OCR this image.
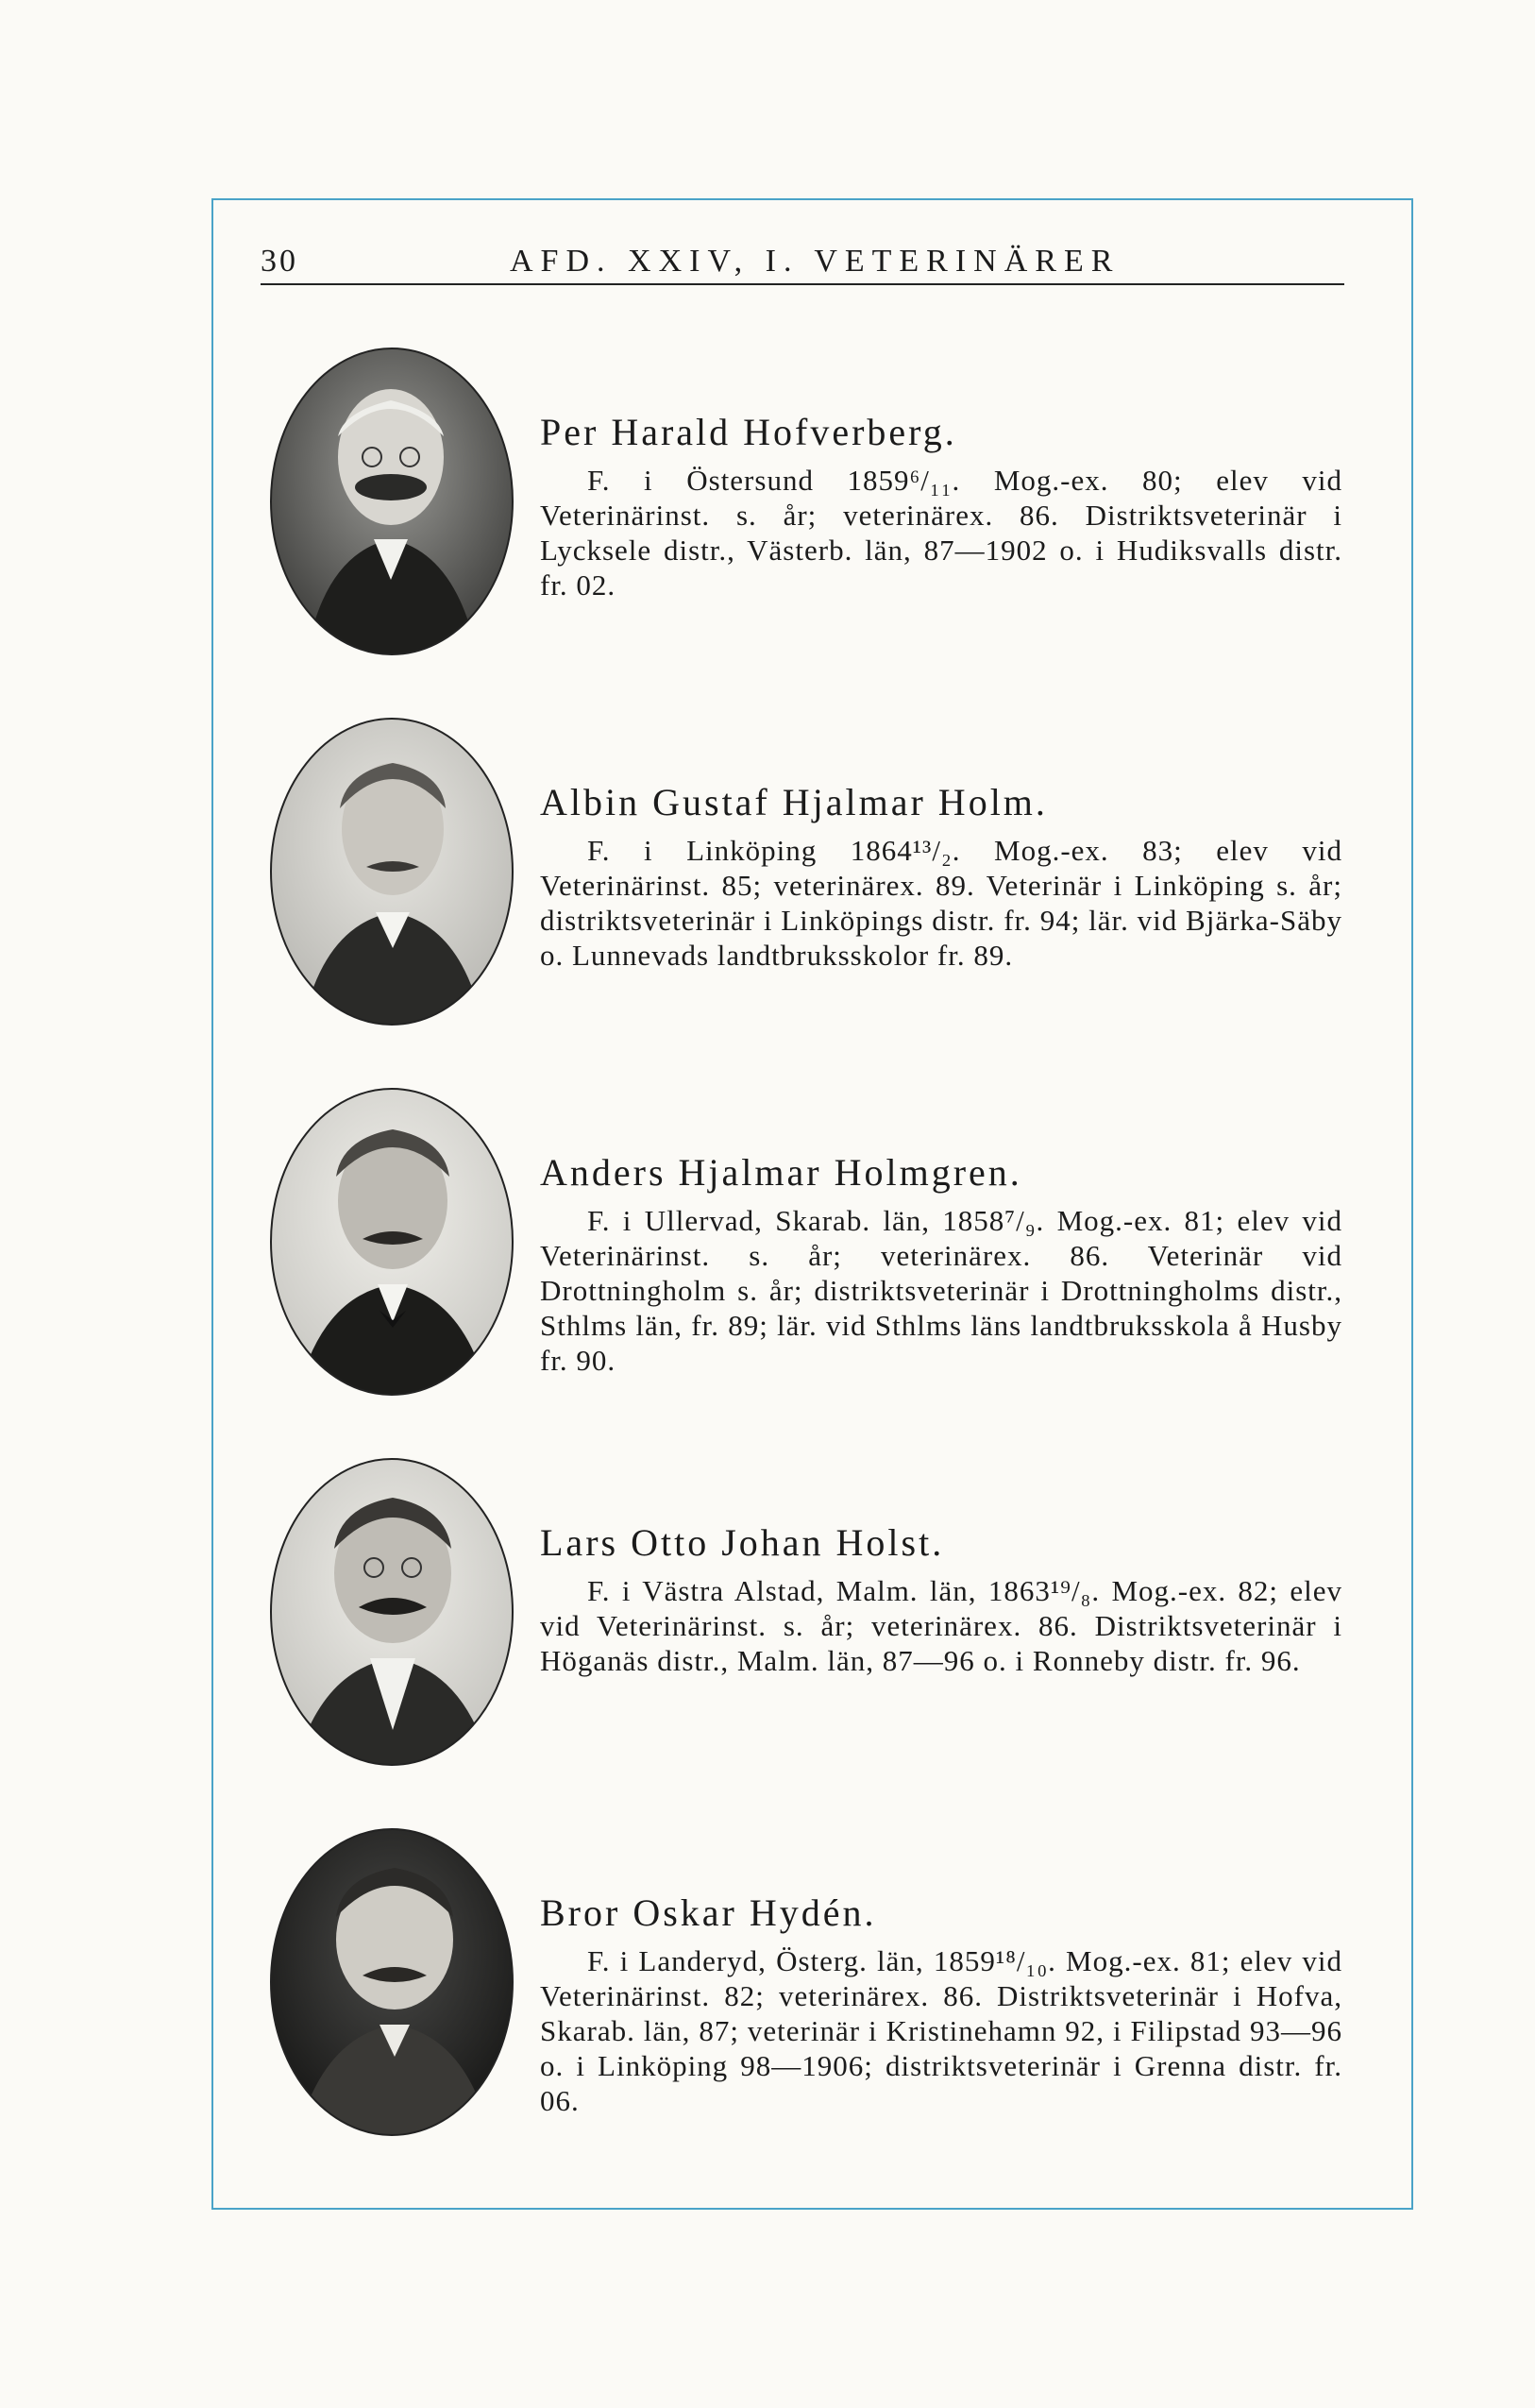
30	AFD. XXIV, I. VETERINÄRER
Per Harald Hofverberg.
F. i Östersund 1859⁶/₁₁. Mog.-ex. 80; elev vid Veterinärinst. s. år; veterinärex. 86. Distriktsveterinär i Lycksele distr., Västerb. län, 87—1902 o. i Hudiksvalls distr. fr. 02.
Albin Gustaf Hjalmar Holm.
F. i Linköping 1864¹³/₂. Mog.-ex. 83; elev vid Veterinärinst. 85; veterinärex. 89. Veterinär i Linköping s. år; distriktsveterinär i Linköpings distr. fr. 94; lär. vid Bjärka-Säby o. Lunnevads landtbruksskolor fr. 89.
Anders Hjalmar Holmgren.
F. i Ullervad, Skarab. län, 1858⁷/₉. Mog.-ex. 81; elev vid Veterinärinst. s. år; veterinärex. 86. Veterinär vid Drottningholm s. år; distriktsveterinär i Drottningholms distr., Sthlms län, fr. 89; lär. vid Sthlms läns landtbruksskola å Husby fr. 90.
Lars Otto Johan Holst.
F. i Västra Alstad, Malm. län, 1863¹⁹/₈. Mog.-ex. 82; elev vid Veterinärinst. s. år; veterinärex. 86. Distriktsveterinär i Höganäs distr., Malm. län, 87—96 o. i Ronneby distr. fr. 96.
Bror Oskar Hydén.
F. i Landeryd, Österg. län, 1859¹⁸/₁₀. Mog.-ex. 81; elev vid Veterinärinst. 82; veterinärex. 86. Distriktsveterinär i Hofva, Skarab. län, 87; veterinär i Kristinehamn 92, i Filipstad 93—96 o. i Linköping 98—1906; distriktsveterinär i Grenna distr. fr. 06.
